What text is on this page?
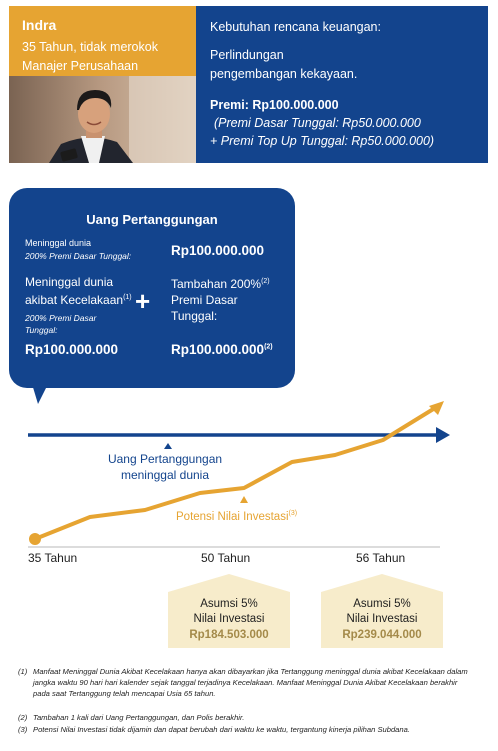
Indra
35 Tahun, tidak merokok
Manajer Perusahaan
Kebutuhan rencana keuangan:
Perlindungan
pengembangan kekayaan.
Premi: Rp100.000.000
(Premi Dasar Tunggal: Rp50.000.000
+ Premi Top Up Tunggal: Rp50.000.000)
Uang Pertanggungan
Meninggal dunia
200% Premi Dasar Tunggal:	Rp100.000.000
Meninggal dunia
akibat Kecelakaan$^{(1)}$
200% Premi Dasar
Tunggal:
Rp100.000.000
+
Tambahan 200%$^{(2)}$
Premi Dasar
Tunggal:
Rp100.000.000$^{(2)}$
Uang Pertanggungan
meninggal dunia
Potensi Nilai Investasi$^{(3)}$
35 Tahun	50 Tahun	56 Tahun
Asumsi 5%
Nilai Investasi
Rp184.503.000
Asumsi 5%
Nilai Investasi
Rp239.044.000
(1) Manfaat Meninggal Dunia Akibat Kecelakaan hanya akan dibayarkan jika Tertanggung meninggal dunia akibat Kecelakaan dalam jangka waktu 90 hari hari kalender sejak tanggal terjadinya Kecelakaan. Manfaat Meninggal Dunia Akibat Kecelakaan berakhir pada saat Tertanggung telah mencapai Usia 65 tahun.
(2) Tambahan 1 kali dari Uang Pertanggungan, dan Polis berakhir.
(3) Potensi Nilai Investasi tidak dijamin dan dapat berubah dari waktu ke waktu, tergantung kinerja pilihan Subdana.
